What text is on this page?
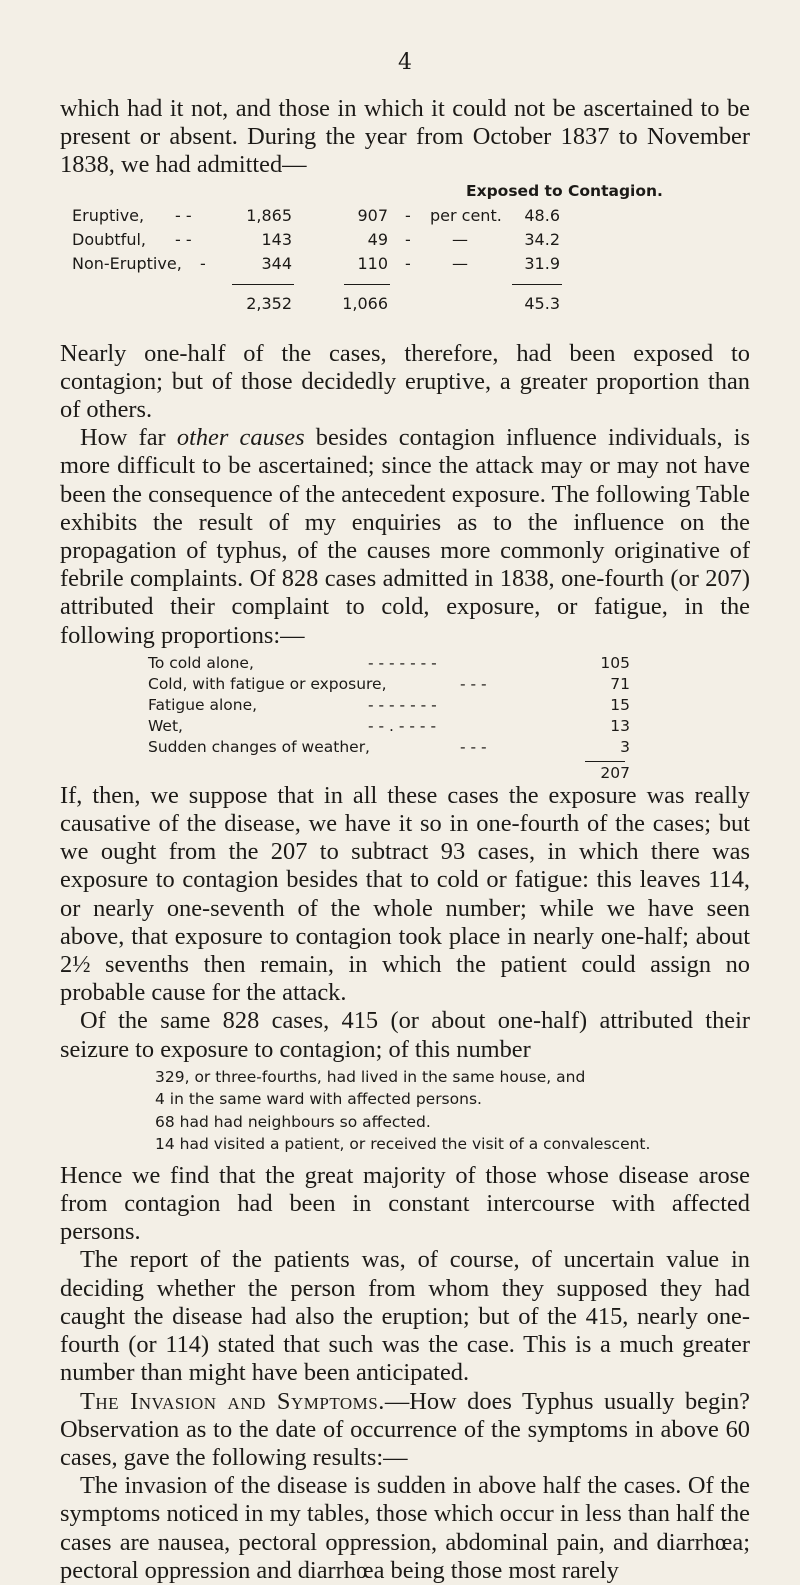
4

which had it not, and those in which it could not be ascertained to be present or absent. During the year from October 1837 to November 1838, we had admitted—

Exposed to Contagion.
Eruptive, - -	1,865	907 - per cent.	48.6
Doubtful, - -	143	49 -	—	34.2
Non-Eruptive, -	344	110 -	—	31.9
2,352	1,066	45.3

Nearly one-half of the cases, therefore, had been exposed to contagion; but of those decidedly eruptive, a greater proportion than of others.

How far other causes besides contagion influence individuals, is more difficult to be ascertained; since the attack may or may not have been the consequence of the antecedent exposure. The following Table exhibits the result of my enquiries as to the influence on the propagation of typhus, of the causes more commonly originative of febrile complaints. Of 828 cases admitted in 1838, one-fourth (or 207) attributed their complaint to cold, exposure, or fatigue, in the following proportions:—

To cold alone,	- - - - - - -	105
Cold, with fatigue or exposure,	- - -	71
Fatigue alone,	- - - - - - -	15
Wet,	- - . - - - -	13
Sudden changes of weather,	- - -	3
207

If, then, we suppose that in all these cases the exposure was really causative of the disease, we have it so in one-fourth of the cases; but we ought from the 207 to subtract 93 cases, in which there was exposure to contagion besides that to cold or fatigue: this leaves 114, or nearly one-seventh of the whole number; while we have seen above, that exposure to contagion took place in nearly one-half; about 2½ sevenths then remain, in which the patient could assign no probable cause for the attack.

Of the same 828 cases, 415 (or about one-half) attributed their seizure to exposure to contagion; of this number

329, or three-fourths, had lived in the same house, and
4 in the same ward with affected persons.
68 had had neighbours so affected.
14 had visited a patient, or received the visit of a convalescent.

Hence we find that the great majority of those whose disease arose from contagion had been in constant intercourse with affected persons.

The report of the patients was, of course, of uncertain value in deciding whether the person from whom they supposed they had caught the disease had also the eruption; but of the 415, nearly one-fourth (or 114) stated that such was the case. This is a much greater number than might have been anticipated.

The Invasion and Symptoms.—How does Typhus usually begin? Observation as to the date of occurrence of the symptoms in above 60 cases, gave the following results:—

The invasion of the disease is sudden in above half the cases. Of the symptoms noticed in my tables, those which occur in less than half the cases are nausea, pectoral oppression, abdominal pain, and diarrhœa; pectoral oppression and diarrhœa being those most rarely
